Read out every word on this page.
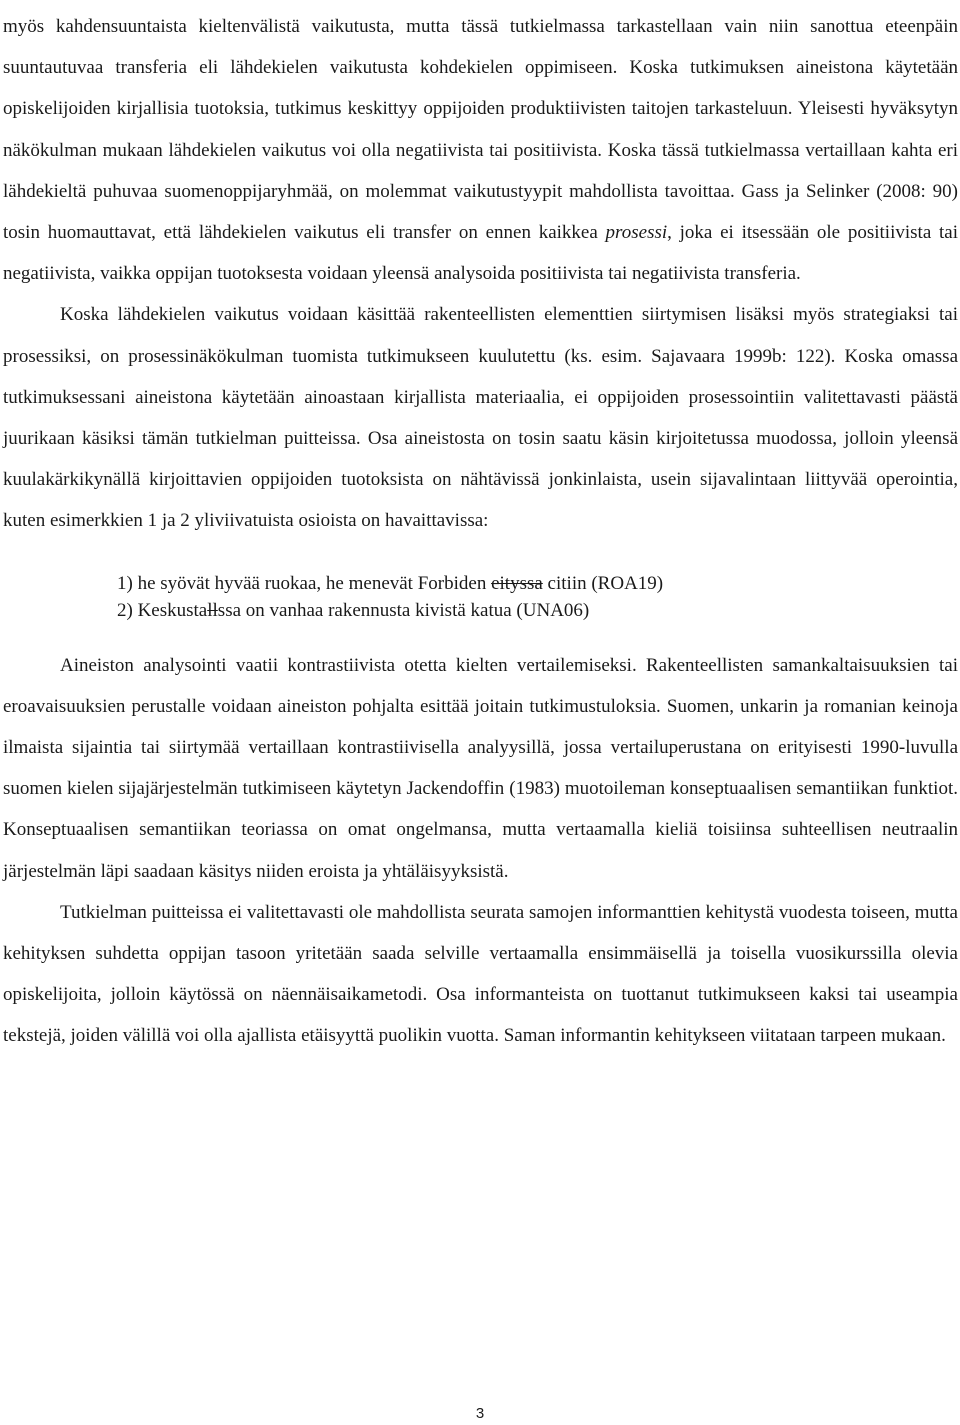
myös kahdensuuntaista kieltenvälistä vaikutusta, mutta tässä tutkielmassa tarkastellaan vain niin sanottua eteenpäin suuntautuvaa transferia eli lähdekielen vaikutusta kohdekielen oppimiseen. Koska tutkimuksen aineistona käytetään opiskelijoiden kirjallisia tuotoksia, tutkimus keskittyy oppijoiden produktiivisten taitojen tarkasteluun. Yleisesti hyväksytyn näkökulman mukaan lähdekielen vaikutus voi olla negatiivista tai positiivista. Koska tässä tutkielmassa vertaillaan kahta eri lähdekieltä puhuvaa suomenoppijaryhmää, on molemmat vaikutustyypit mahdollista tavoittaa. Gass ja Selinker (2008: 90) tosin huomauttavat, että lähdekielen vaikutus eli transfer on ennen kaikkea prosessi, joka ei itsessään ole positiivista tai negatiivista, vaikka oppijan tuotoksesta voidaan yleensä analysoida positiivista tai negatiivista transferia.

Koska lähdekielen vaikutus voidaan käsittää rakenteellisten elementtien siirtymisen lisäksi myös strategiaksi tai prosessiksi, on prosessinäkökulman tuomista tutkimukseen kuulutettu (ks. esim. Sajavaara 1999b: 122). Koska omassa tutkimuksessani aineistona käytetään ainoastaan kirjallista materiaalia, ei oppijoiden prosessointiin valitettavasti päästä juurikaan käsiksi tämän tutkielman puitteissa. Osa aineistosta on tosin saatu käsin kirjoitetussa muodossa, jolloin yleensä kuulakärkikynällä kirjoittavien oppijoiden tuotoksista on nähtävissä jonkinlaista, usein sijavalintaan liittyvää operointia, kuten esimerkkien 1 ja 2 yliviivatuista osioista on havaittavissa:

1) he syövät hyvää ruokaa, he menevät Forbiden eityssa citiin (ROA19)
2) Keskustallssa on vanhaa rakennusta kivistä katua (UNA06)

Aineiston analysointi vaatii kontrastiivista otetta kielten vertailemiseksi. Rakenteellisten samankaltaisuuksien tai eroavaisuuksien perustalle voidaan aineiston pohjalta esittää joitain tutkimustuloksia. Suomen, unkarin ja romanian keinoja ilmaista sijaintia tai siirtymää vertaillaan kontrastiivisella analyysillä, jossa vertailuperustana on erityisesti 1990-luvulla suomen kielen sijajärjestelmän tutkimiseen käytetyn Jackendoffin (1983) muotoileman konseptuaalisen semantiikan funktiot. Konseptuaalisen semantiikan teoriassa on omat ongelmansa, mutta vertaamalla kieliä toisiinsa suhteellisen neutraalin järjestelmän läpi saadaan käsitys niiden eroista ja yhtäläisyyksistä.

Tutkielman puitteissa ei valitettavasti ole mahdollista seurata samojen informanttien kehitystä vuodesta toiseen, mutta kehityksen suhdetta oppijan tasoon yritetään saada selville vertaamalla ensimmäisellä ja toisella vuosikurssilla olevia opiskelijoita, jolloin käytössä on näennäisaikametodi. Osa informanteista on tuottanut tutkimukseen kaksi tai useampia tekstejä, joiden välillä voi olla ajallista etäisyyttä puolikin vuotta. Saman informantin kehitykseen viitataan tarpeen mukaan.

3
